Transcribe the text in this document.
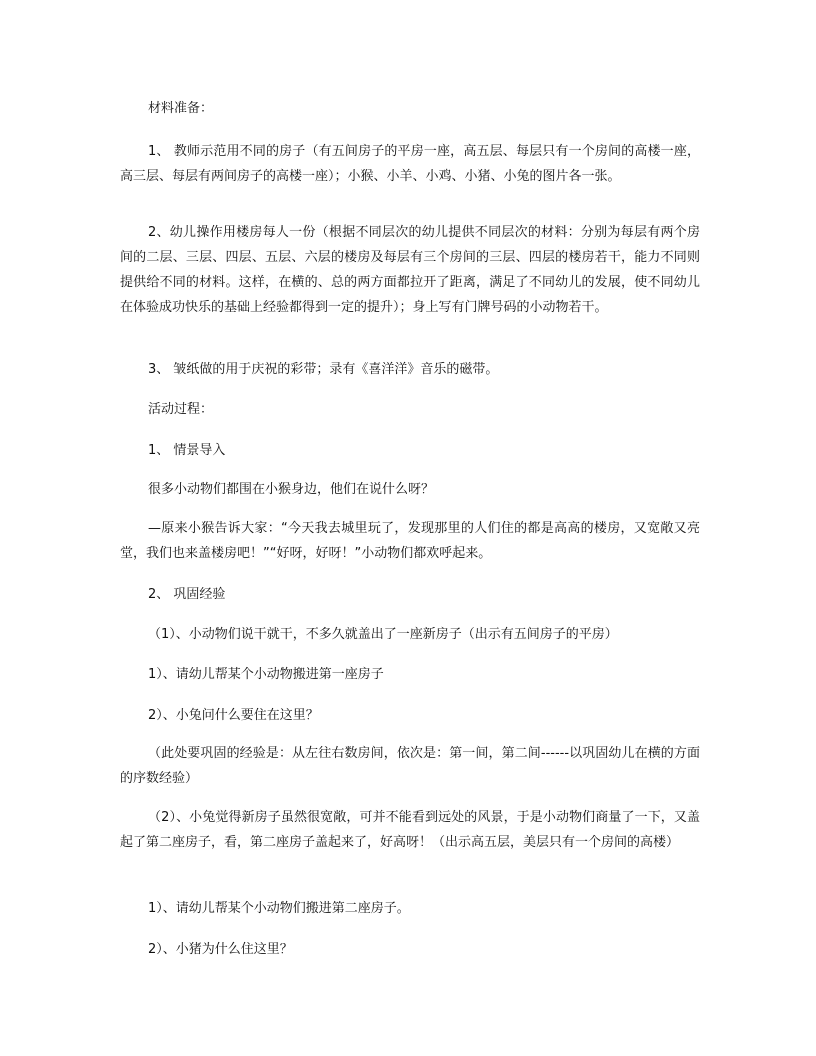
材料准备：

1、 教师示范用不同的房子（有五间房子的平房一座，高五层、每层只有一个房间的高楼一座，高三层、每层有两间房子的高楼一座）；小猴、小羊、小鸡、小猪、小兔的图片各一张。

2、幼儿操作用楼房每人一份（根据不同层次的幼儿提供不同层次的材料：分别为每层有两个房间的二层、三层、四层、五层、六层的楼房及每层有三个房间的三层、四层的楼房若干，能力不同则提供给不同的材料。这样，在横的、总的两方面都拉开了距离，满足了不同幼儿的发展，使不同幼儿在体验成功快乐的基础上经验都得到一定的提升）；身上写有门牌号码的小动物若干。

3、 皱纸做的用于庆祝的彩带；录有《喜洋洋》音乐的磁带。

活动过程：

1、 情景导入

很多小动物们都围在小猴身边，他们在说什么呀？

—原来小猴告诉大家：“今天我去城里玩了，发现那里的人们住的都是高高的楼房，又宽敞又亮堂，我们也来盖楼房吧！”“好呀，好呀！”小动物们都欢呼起来。

2、 巩固经验

（1）、小动物们说干就干，不多久就盖出了一座新房子（出示有五间房子的平房）

1）、请幼儿帮某个小动物搬进第一座房子

2）、小兔问什么要住在这里？

（此处要巩固的经验是：从左往右数房间，依次是：第一间，第二间------以巩固幼儿在横的方面的序数经验）

（2）、小兔觉得新房子虽然很宽敞，可并不能看到远处的风景，于是小动物们商量了一下，又盖起了第二座房子，看，第二座房子盖起来了，好高呀！（出示高五层，美层只有一个房间的高楼）

1）、请幼儿帮某个小动物们搬进第二座房子。

2）、小猪为什么住这里？
